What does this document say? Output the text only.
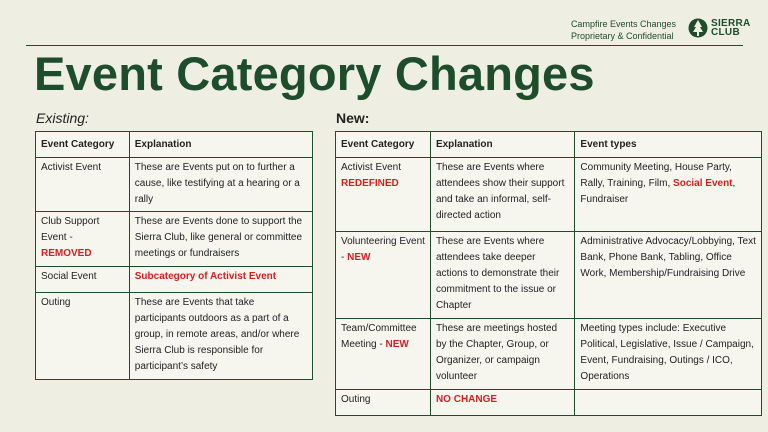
Campfire Events Changes
Proprietary & Confidential
SIERRA
CLUB
Event Category Changes
Existing:	New:
Event Category	Explanation
Activist Event	These are Events put on to further a cause, like testifying at a hearing or a rally
Club Support Event - REMOVED	These are Events done to support the Sierra Club, like general or committee meetings or fundraisers
Social Event	Subcategory of Activist Event
Outing	These are Events that take participants outdoors as a part of a group, in remote areas, and/or where Sierra Club is responsible for participant’s safety
Event Category	Explanation	Event types
Activist Event
REDEFINED	These are Events where attendees show their support and take an informal, self-directed action	Community Meeting, House Party, Rally, Training, Film, Social Event, Fundraiser
Volunteering Event - NEW	These are Events where attendees take deeper actions to demonstrate their commitment to the issue or Chapter	Administrative Advocacy/Lobbying, Text Bank, Phone Bank, Tabling, Office Work, Membership/Fundraising Drive
Team/Committee Meeting - NEW	These are meetings hosted by the Chapter, Group, or Organizer, or campaign volunteer	Meeting types include: Executive Political, Legislative, Issue / Campaign, Event, Fundraising, Outings / ICO, Operations
Outing	NO CHANGE	
